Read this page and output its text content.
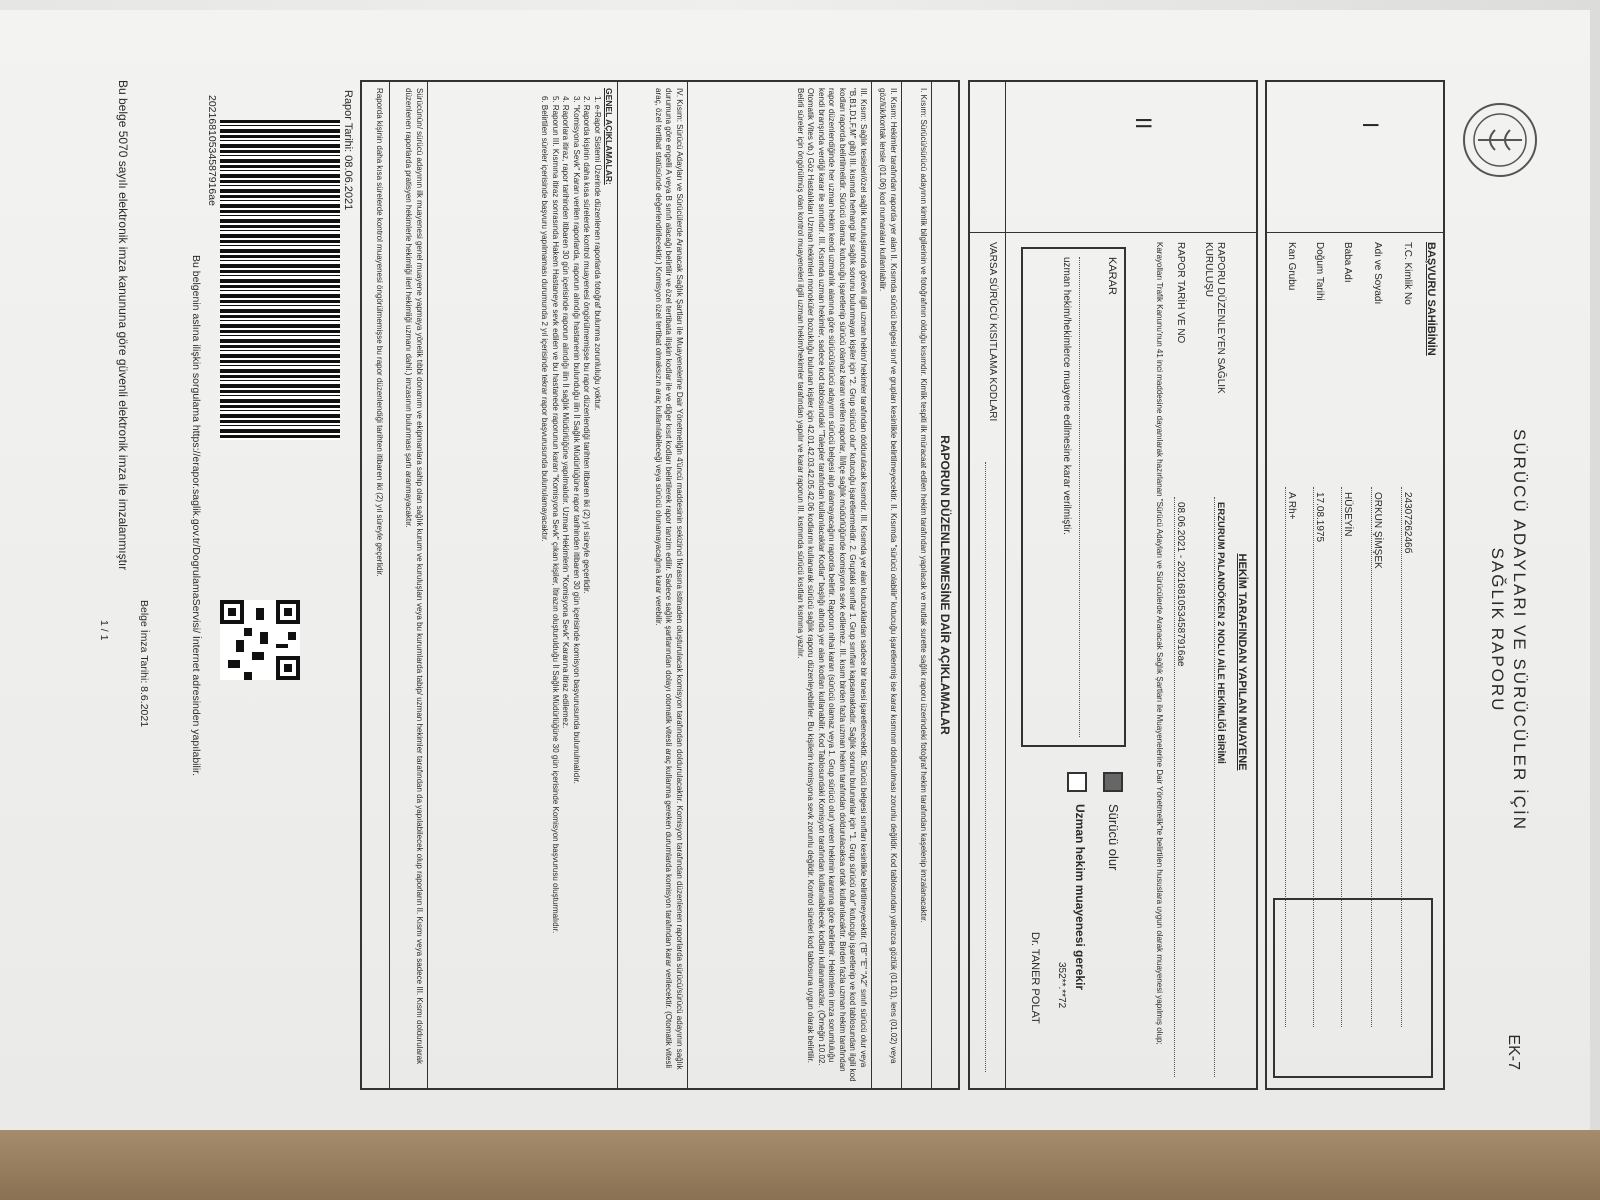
SÜRÜCÜ ADAYLARI VE SÜRÜCÜLER İÇİN
SAĞLIK RAPORU
EK-7
I
BAŞVURU SAHİBİNİN
T.C. Kimlik No
2430726246б
Adı ve Soyadı
ORKUN ŞİMŞEK
Baba Adı
HÜSEYİN
Doğum Tarihi
17.08.1975
Kan Grubu
A Rh+
II
HEKİM TARAFINDAN YAPILAN MUAYENE
RAPORU DÜZENLEYEN SAĞLIK KURULUŞU
ERZURUM PALANDÖKEN 2 NOLU AİLE HEKİMLİĞİ BİRİMİ
RAPOR TARİH VE NO
08.06.2021 - 20216810534587916ae
Karayolları Trafik Kanunu'nun 41 inci maddesine dayanılarak hazırlanan "Sürücü Adayları ve Sürücülerde Aranacak Sağlık Şartları ile Muayenelerine Dair Yönetmelik"te belirtilen hususlara uygun olarak muayenesi yapılmış olup;
Sürücü olur
Uzman hekim muayenesi gerekir
352**.**72
Dr. TANER POLAT
KARAR
uzman hekim/hekimlerce muayene edilmesine karar verilmiştir.
VARSA SÜRÜCÜ KISITLAMA KODLARI
RAPORUN DÜZENLENMESİNE DAİR AÇIKLAMALAR
I. Kısım: Sürücü/sürücü adayının kimlik bilgilerinin ve fotoğrafının olduğu kısımdır. Kimlik tespiti ilk müracaat edilen hekim tarafından yapılacak ve mutlak surette sağlık raporu üzerindeki fotoğraf hekim tarafından kaşelenip imzalanacaktır.
II. Kısım: Hekimler tarafından raporda yer alan II. Kısımda sürücü belgesi sınıf ve grupları kesinlikle belirtilmeyecektir. II. Kısımda "sürücü olabilir" kutucuğu işaretlenmiş ise karar kısmının doldurulması zorunlu değildir. Kod tablosundan yalnızca gözlük (01.01), lens (01.02) veya göz/lük/kontak lensle (01.06) kod numaraları kullanılabilir.
III. Kısım: Sağlık tesisleri/özel sağlık kuruluşlarında görevli ilgili uzman hekim/ hekimler tarafından doldurulacak kısımdır. III. Kısımda yer alan kutucuklardan sadece bir tanesi işaretlenecektir. Sürücü belgesi sınıfları kesinlikle belirtilmeyecektir. ("B" "E" "A2" sınıfı sürücü olur veya "B,B1,D1,F,M" gibi) III. kısımda herhangi bir sağlık sorunu bulunmayan kişiler için "2. Grup sürücü olur" kutucuğu işaretlenmelidir. 2. Gruptaki sınıflar 1. Grup sınıfları kapsamaktadır. Sağlık sorunu bulunanlar için "1. Grup sürücü olur" kutucuğu işaretlenip ve kod tablosundan ilgili kod kodları raporda belirtilmelidir. Sürücü olamaz kutucuğu işaretlenip sürücü olamaz kararı verilen raporlar, İl/ilçe sağlık müdürlüğünde komisyona sevk edilemez. III. kısım birden fazla uzman hekim tarafından doldurulacaksa ortak kullanılacaktır. Birden fazla uzman hekim tarafından rapor düzenlendiğinde her uzman hekim kendi uzmanlık alanına göre sürücü/sürücü adayının sürücü belgesi alıp alamayacağını raporda belirtir. Raporun nihai kararı (sürücü olamaz veya 1. Grup sürücü olur) veren hekimin kararına göre belirlenir. Hekimlerin imza sorumluluğu kendi branşında verdiği karar ile sınırlıdır. III. Kısımda uzman hekimler, sadece kod tablosundaki "Talepler tarafından kullanılacaklar Kodlar" başlığı altında yer alan kodları kullanabilir. Kod Tablosundaki Komisyon tarafından kullanılabilecek kodları kullanamazlar. (Örneğin 10.02. Otomatik Vites vb.) Göz Hastalıkları Uzman hekimleri monoküler bozukluğu bulunan kişiler için 42.01.42.03.42.05.42.06 kodlarını kullanarak sürücü sağlık raporu düzenleyebilirler. Bu kişilerin komisyona sevk zorunlu değildir. Kontrol süreleri kod tablosuna uygun olarak belirtilir. Belirli süreler için öngörülmüş olan kontrol muayeneleri ilgili uzman hekim/hekimler tarafından yapılır ve karar raporun III. kısmında sürücü kısıtları kısmına yazılır.
IV. Kısım: Sürücü Adayları ve Sürücülerde Aranacak Sağlık Şartları ile Muayenelerine Dair Yönetmeliğin 4'üncü maddesinin sekizinci fıkrasına istinaden oluşturulacak komisyon tarafından doldurulacaktır. Komisyon tarafından düzenlenen raporlarda sürücü/sürücü adayının sağlık durumuna göre engelli A veya B sınıfı alacağı belirtilir ve özel tertibata ilişkin kodlar ile ve diğer kısıt kodları belirtilerek rapor tanzim edilir. Sadece sağlık şartlarından dolayı otomatik vitesli araç kullanma gereken durumlarda komisyon tarafından karar verilecektir. (Otomatik vitesli araç, özel tertibat statüsünde değerlendirilecektir.) Komisyon özel tertibat olmaksızın araç kullanılabileceği veya sürücü olunamayacağına karar verebilir.
GENEL AÇIKLAMALAR:
1. e-Rapor Sistemi Üzerinde düzenlenen raporlarda fotoğraf bulunma zorunluluğu yoktur.
2. Raporda kişinin daha kısa sürelerde kontrol muayenesi öngörülmemişse bu rapor düzenlendiği tarihten itibaren iki (2) yıl süreyle geçerlidir.
3. "Komisyona Sevk" Kararı verilen raporlarda, raporun alındığı hastanenin bulunduğu ilin İl Sağlık Müdürlüğüne rapor tarihinden itibaren 30 gün içerisinde komisyon başvurusunda bulunulmalıdır.
4. Raporlara itiraz, rapor tarihinden itibaren 30 gün içerisinde raporun alındığı ilin İl sağlık Müdürlüğüne yapılmalıdır. Uzman Hekimlerin "Komisyona Sevk" Kararına itiraz edilemez.
5. Raporun III. Kısmına itiraz sonrasında Hakem Hastaneye sevk edilen ve bu hastanede raporunun kararı "Komisyona Sevk" çıkan kişiler, İtirazın oluşturulduğu İl Sağlık Müdürlüğüne 30 gün içerisinde Komisyon başvurusu oluşturmalıdır.
6. Belirtilen süreler içerisinde başvuru yapılmaması durumunda 2 yıl içerisinde tekrar rapor başvurusunda bulunulamayacaktır.
Sürücünün/ sürücü adayının ilk muayenesi genel muayene yapmaya yönelik tıbbi donanım ve ekipmanlara sahip olan sağlık kurum ve kuruluşları veya bu kurumlarda tabip/ uzman hekimler tarafından da yapılabilecek olup raporların II. Kısmı veya sadece III. Kısmı doldurularak düzenlenen raporlarda pratisyen hekimlerle hekimliği ileri hekimliği uzmanı dahil.) imzasının bulunması şartı aranmayacaktır.
Raporda kişinin daha kısa sürelerde kontrol muayenesi öngörülmemişse bu rapor düzenlendiği tarihten itibaren iki (2) yıl süreyle geçerlidir.
Rapor Tarihi: 08.06.2021
20216810534587916ae
Bu belgenin aslına ilişkin sorgulama https://erapor.saglik.gov.tr/DogrulamaServisi/ İnternet adresinden yapılabilir.
Belge İmza Tarihi: 8.6.2021
Bu belge 5070 sayılı elektronik imza kanununa göre güvenli elektronik imza ile imzalanmıştır
1 / 1
